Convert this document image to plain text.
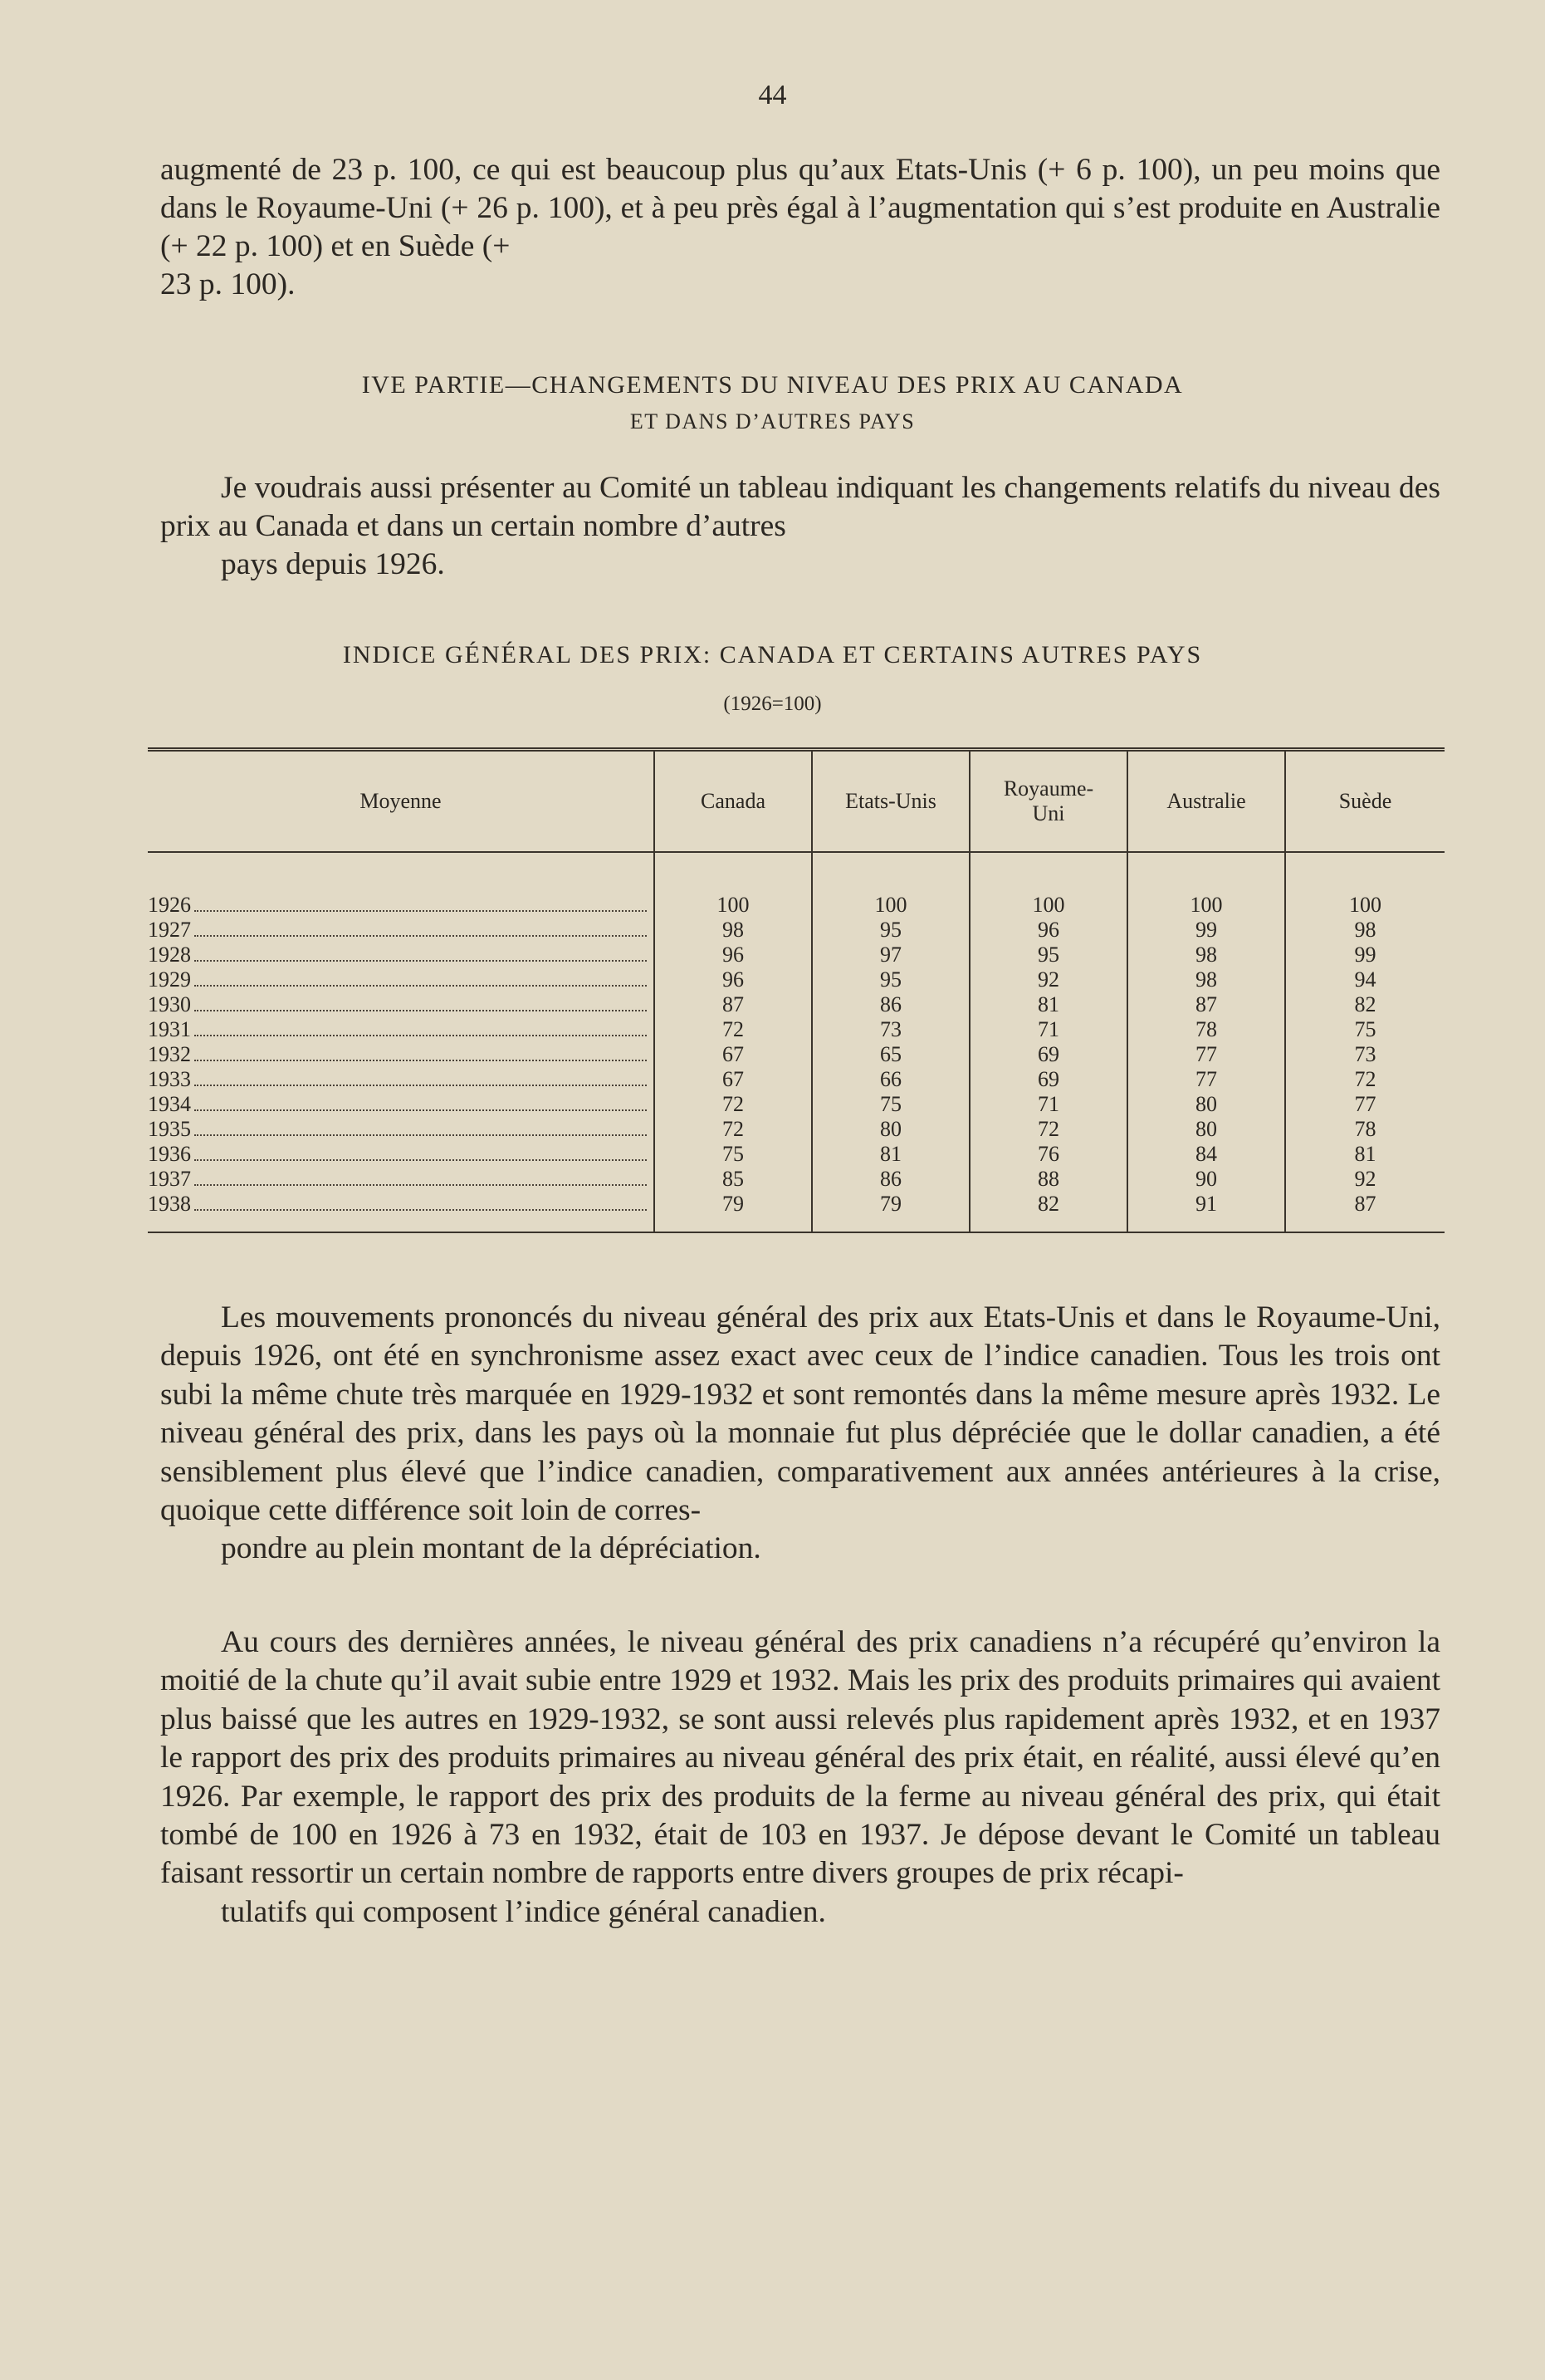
44

augmenté de 23 p. 100, ce qui est beaucoup plus qu’aux Etats-Unis (+ 6 p. 100), un peu moins que dans le Royaume-Uni (+ 26 p. 100), et à peu près égal à l’augmentation qui s’est produite en Australie (+ 22 p. 100) et en Suède (+
23 p. 100).

IVE PARTIE—CHANGEMENTS DU NIVEAU DES PRIX AU CANADA
ET DANS D’AUTRES PAYS

Je voudrais aussi présenter au Comité un tableau indiquant les changements relatifs du niveau des prix au Canada et dans un certain nombre d’autres
pays depuis 1926.

INDICE GÉNÉRAL DES PRIX: CANADA ET CERTAINS AUTRES PAYS
(1926=100)
Moyenne	Canada	Etats-Unis	Royaume-Uni	Australie	Suède

1926	100	100	100	100	100

1927	98	95	96	99	98

1928	96	97	95	98	99

1929	96	95	92	98	94

1930	87	86	81	87	82

1931	72	73	71	78	75

1932	67	65	69	77	73

1933	67	66	69	77	72

1934	72	75	71	80	77

1935	72	80	72	80	78

1936	75	81	76	84	81

1937	85	86	88	90	92

1938	79	79	82	91	87

Les mouvements prononcés du niveau général des prix aux Etats-Unis et dans le Royaume-Uni, depuis 1926, ont été en synchronisme assez exact avec ceux de l’indice canadien. Tous les trois ont subi la même chute très marquée en 1929-1932 et sont remontés dans la même mesure après 1932. Le niveau général des prix, dans les pays où la monnaie fut plus dépréciée que le dollar canadien, a été sensiblement plus élevé que l’indice canadien, comparativement aux années antérieures à la crise, quoique cette différence soit loin de corres-
pondre au plein montant de la dépréciation.

Au cours des dernières années, le niveau général des prix canadiens n’a récupéré qu’environ la moitié de la chute qu’il avait subie entre 1929 et 1932. Mais les prix des produits primaires qui avaient plus baissé que les autres en 1929-1932, se sont aussi relevés plus rapidement après 1932, et en 1937 le rapport des prix des produits primaires au niveau général des prix était, en réalité, aussi élevé qu’en 1926. Par exemple, le rapport des prix des produits de la ferme au niveau général des prix, qui était tombé de 100 en 1926 à 73 en 1932, était de 103 en 1937. Je dépose devant le Comité un tableau faisant ressortir un certain nombre de rapports entre divers groupes de prix récapi-
tulatifs qui composent l’indice général canadien.
